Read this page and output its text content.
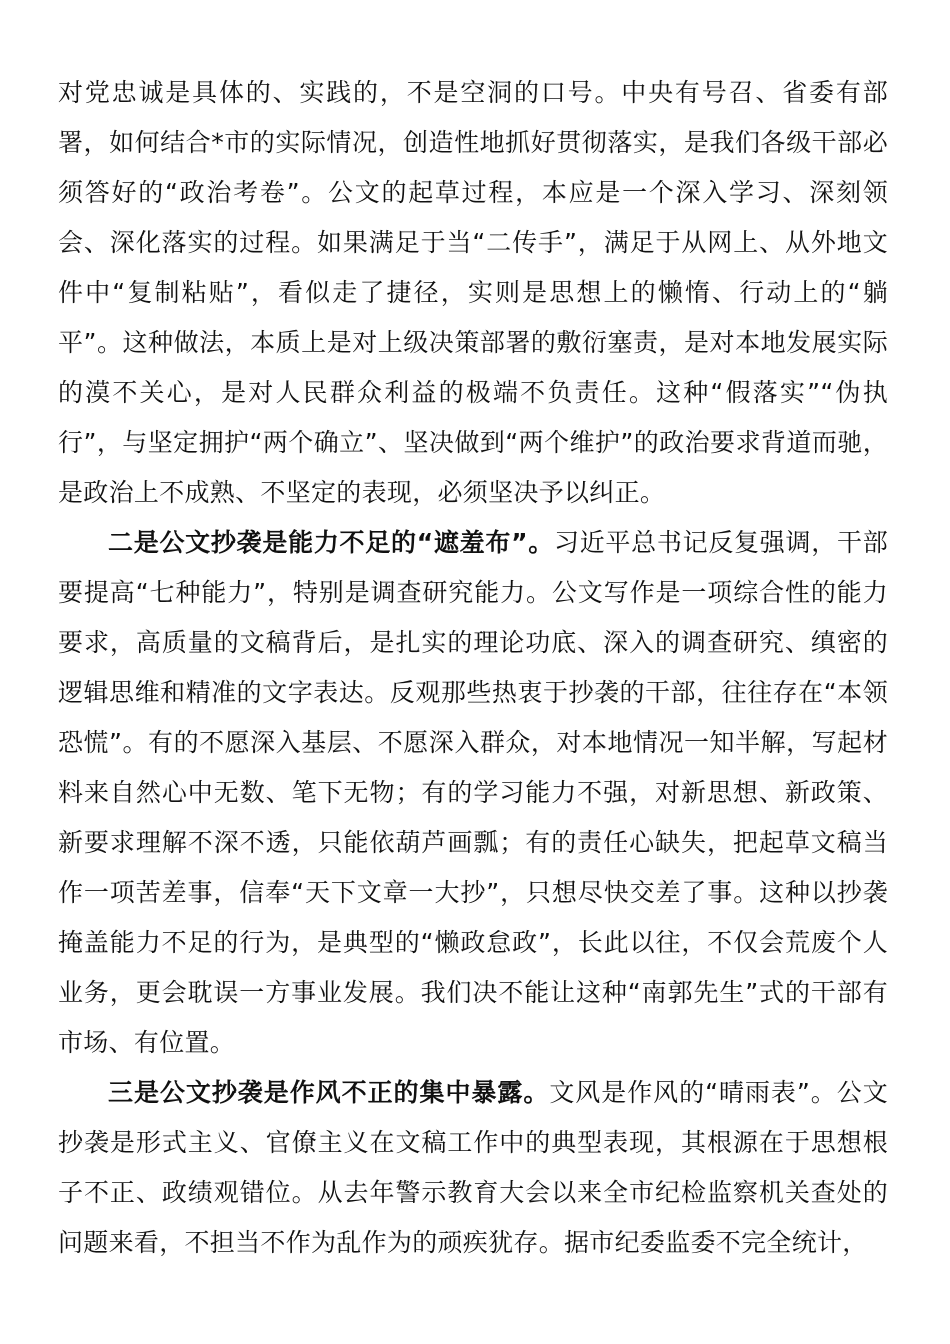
对党忠诚是具体的、实践的，不是空洞的口号。中央有号召、省委有部署，如何结合*市的实际情况，创造性地抓好贯彻落实，是我们各级干部必须答好的“政治考卷”。公文的起草过程，本应是一个深入学习、深刻领会、深化落实的过程。如果满足于当“二传手”，满足于从网上、从外地文件中“复制粘贴”，看似走了捷径，实则是思想上的懒惰、行动上的“躺平”。这种做法，本质上是对上级决策部署的敷衍塞责，是对本地发展实际的漠不关心，是对人民群众利益的极端不负责任。这种“假落实”“伪执行”，与坚定拥护“两个确立”、坚决做到“两个维护”的政治要求背道而驰，是政治上不成熟、不坚定的表现，必须坚决予以纠正。

二是公文抄袭是能力不足的“遮羞布”。习近平总书记反复强调，干部要提高“七种能力”，特别是调查研究能力。公文写作是一项综合性的能力要求，高质量的文稿背后，是扎实的理论功底、深入的调查研究、缜密的逻辑思维和精准的文字表达。反观那些热衷于抄袭的干部，往往存在“本领恐慌”。有的不愿深入基层、不愿深入群众，对本地情况一知半解，写起材料来自然心中无数、笔下无物；有的学习能力不强，对新思想、新政策、新要求理解不深不透，只能依葫芦画瓢；有的责任心缺失，把起草文稿当作一项苦差事，信奉“天下文章一大抄”，只想尽快交差了事。这种以抄袭掩盖能力不足的行为，是典型的“懒政怠政”，长此以往，不仅会荒废个人业务，更会耽误一方事业发展。我们决不能让这种“南郭先生”式的干部有市场、有位置。

三是公文抄袭是作风不正的集中暴露。文风是作风的“晴雨表”。公文抄袭是形式主义、官僚主义在文稿工作中的典型表现，其根源在于思想根子不正、政绩观错位。从去年警示教育大会以来全市纪检监察机关查处的问题来看，不担当不作为乱作为的顽疾犹存。据市纪委监委不完全统计，
